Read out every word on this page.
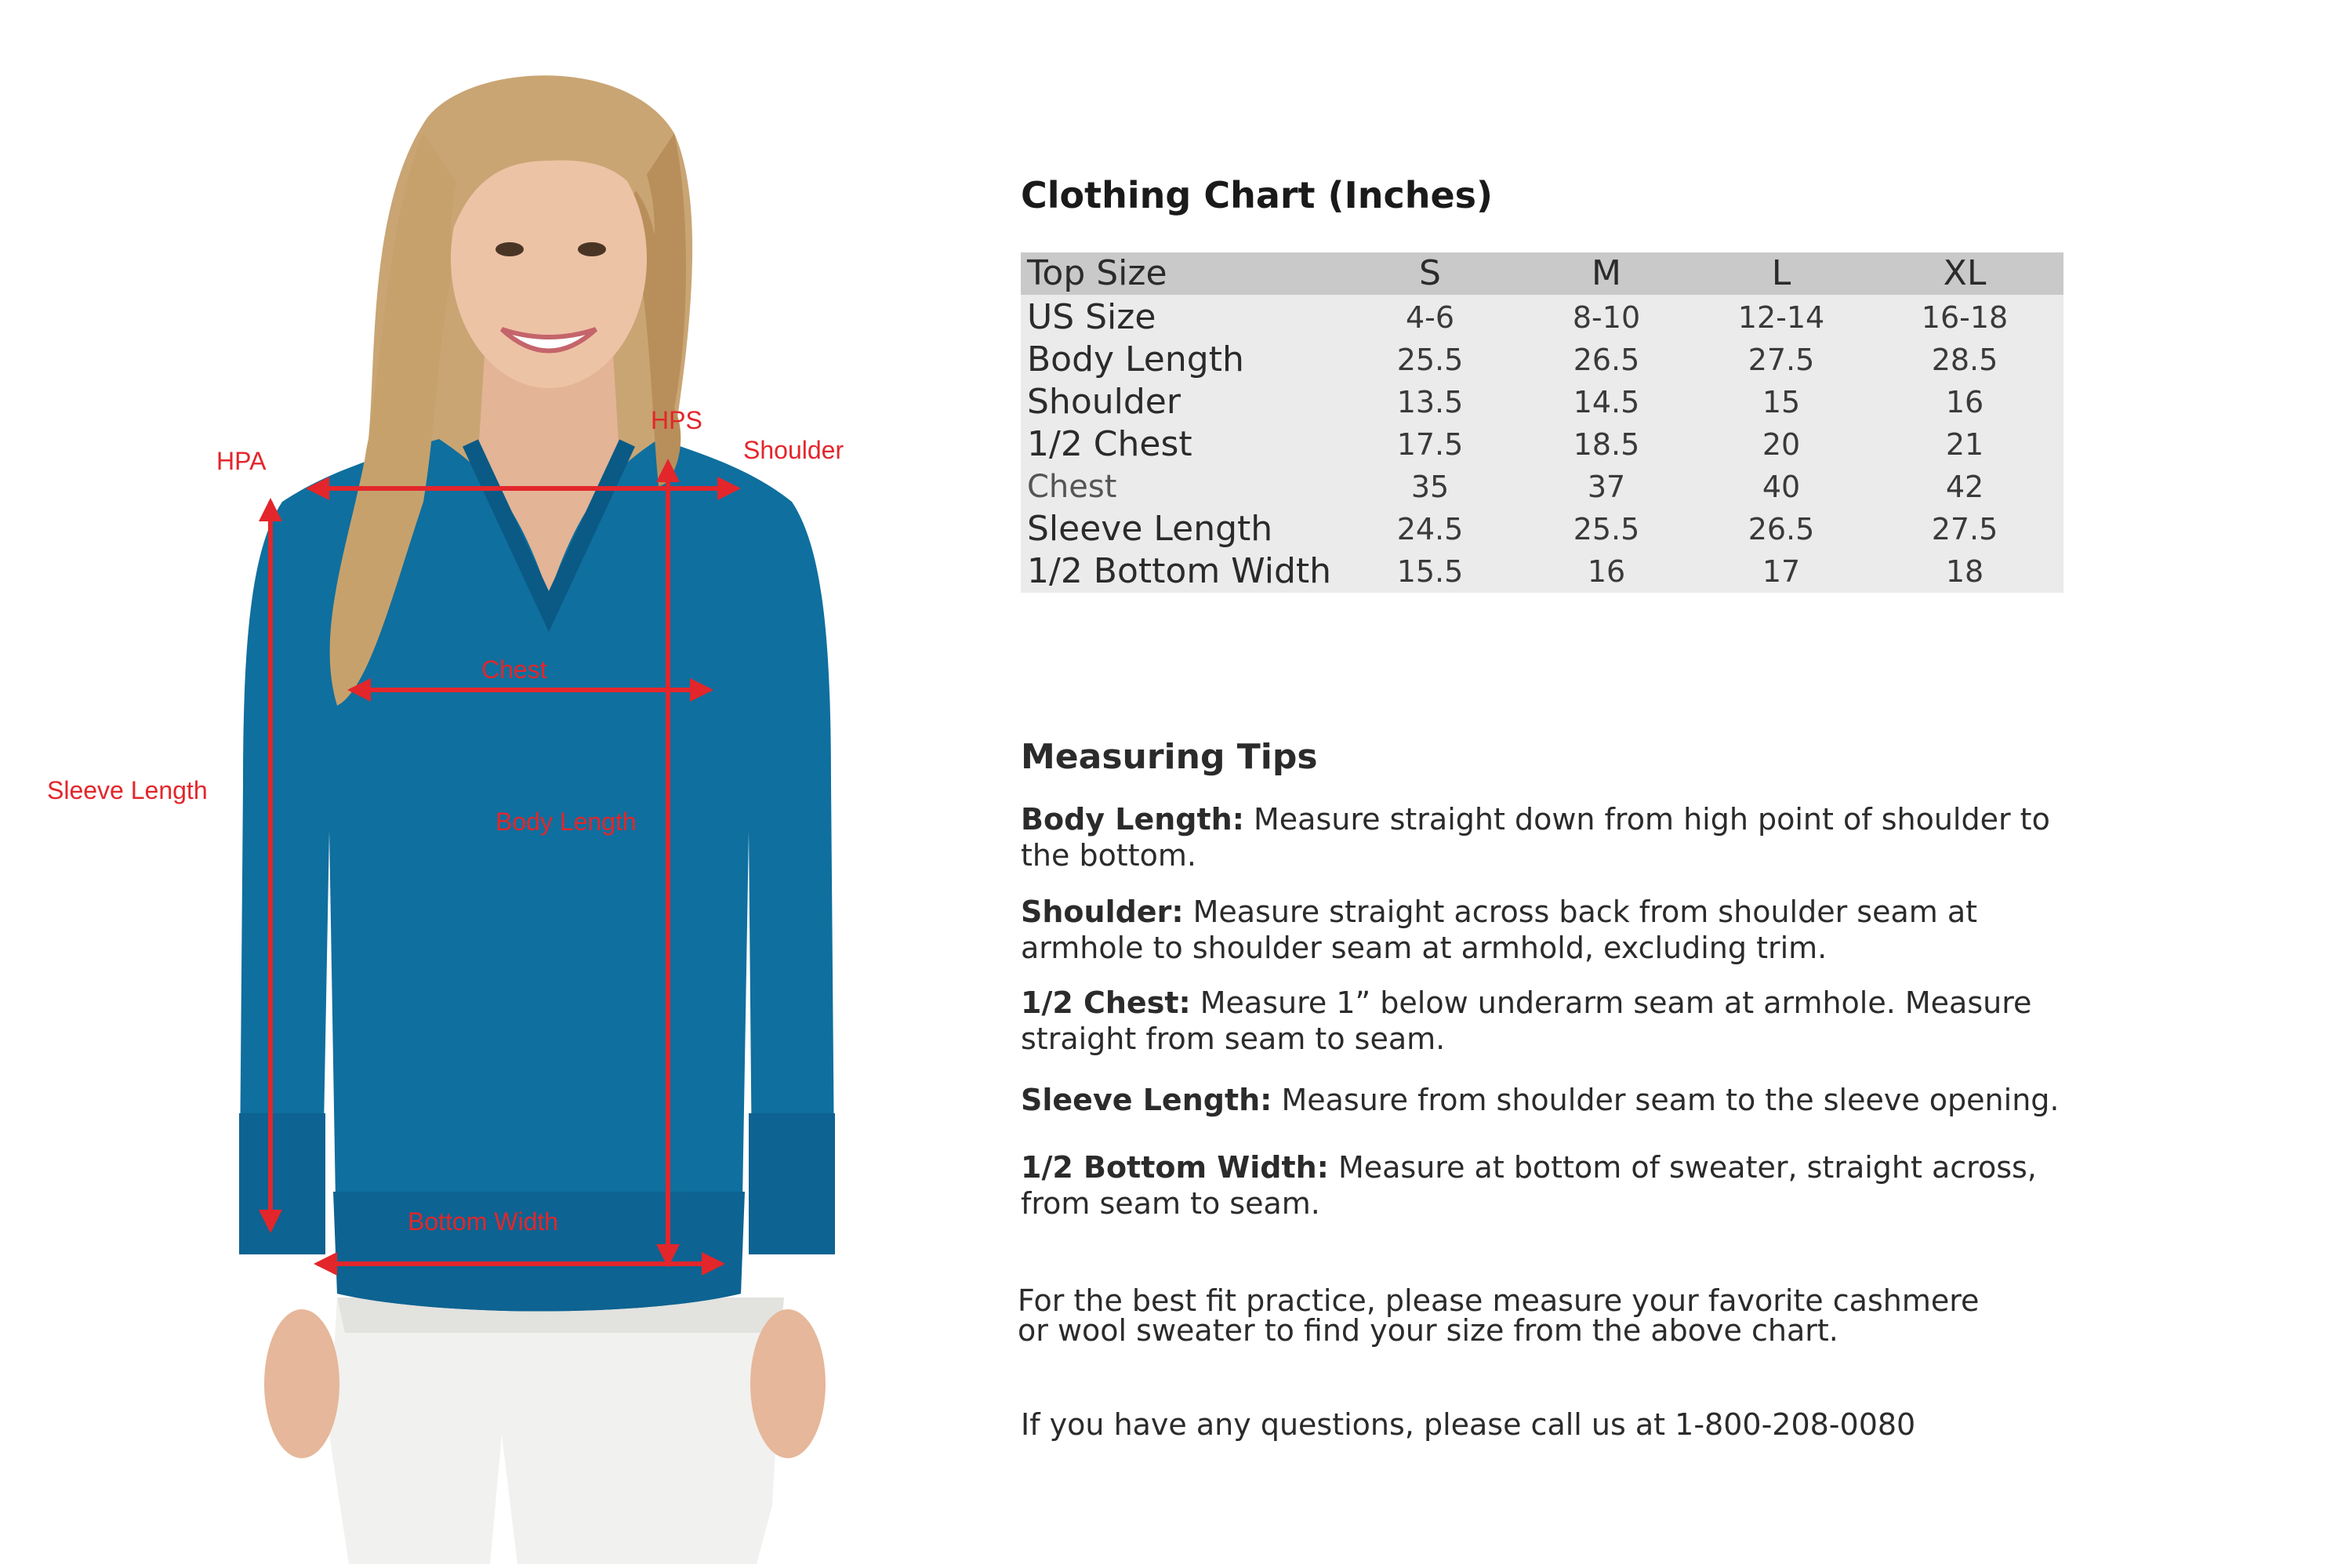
HPA
HPS
Shoulder
Chest
Sleeve Length
Body Length
Bottom Width
Clothing Chart (Inches)
Top Size	S	M	L	XL
US Size	4-6	8-10	12-14	16-18
Body Length	25.5	26.5	27.5	28.5
Shoulder	13.5	14.5	15	16
1/2 Chest	17.5	18.5	20	21
Chest	35	37	40	42
Sleeve Length	24.5	25.5	26.5	27.5
1/2 Bottom Width	15.5	16	17	18
Measuring Tips

Body Length: Measure straight down from high point of shoulder to the bottom.

Shoulder: Measure straight across back from shoulder seam at armhole to shoulder seam at armhold, excluding trim.

1/2 Chest: Measure 1” below underarm seam at armhole. Measure straight from seam to seam.

Sleeve Length: Measure from shoulder seam to the sleeve opening.

1/2 Bottom Width: Measure at bottom of sweater, straight across, from seam to seam.

For the best fit practice, please measure your favorite cashmere or wool sweater to find your size from the above chart.

If you have any questions, please call us at 1-800-208-0080
